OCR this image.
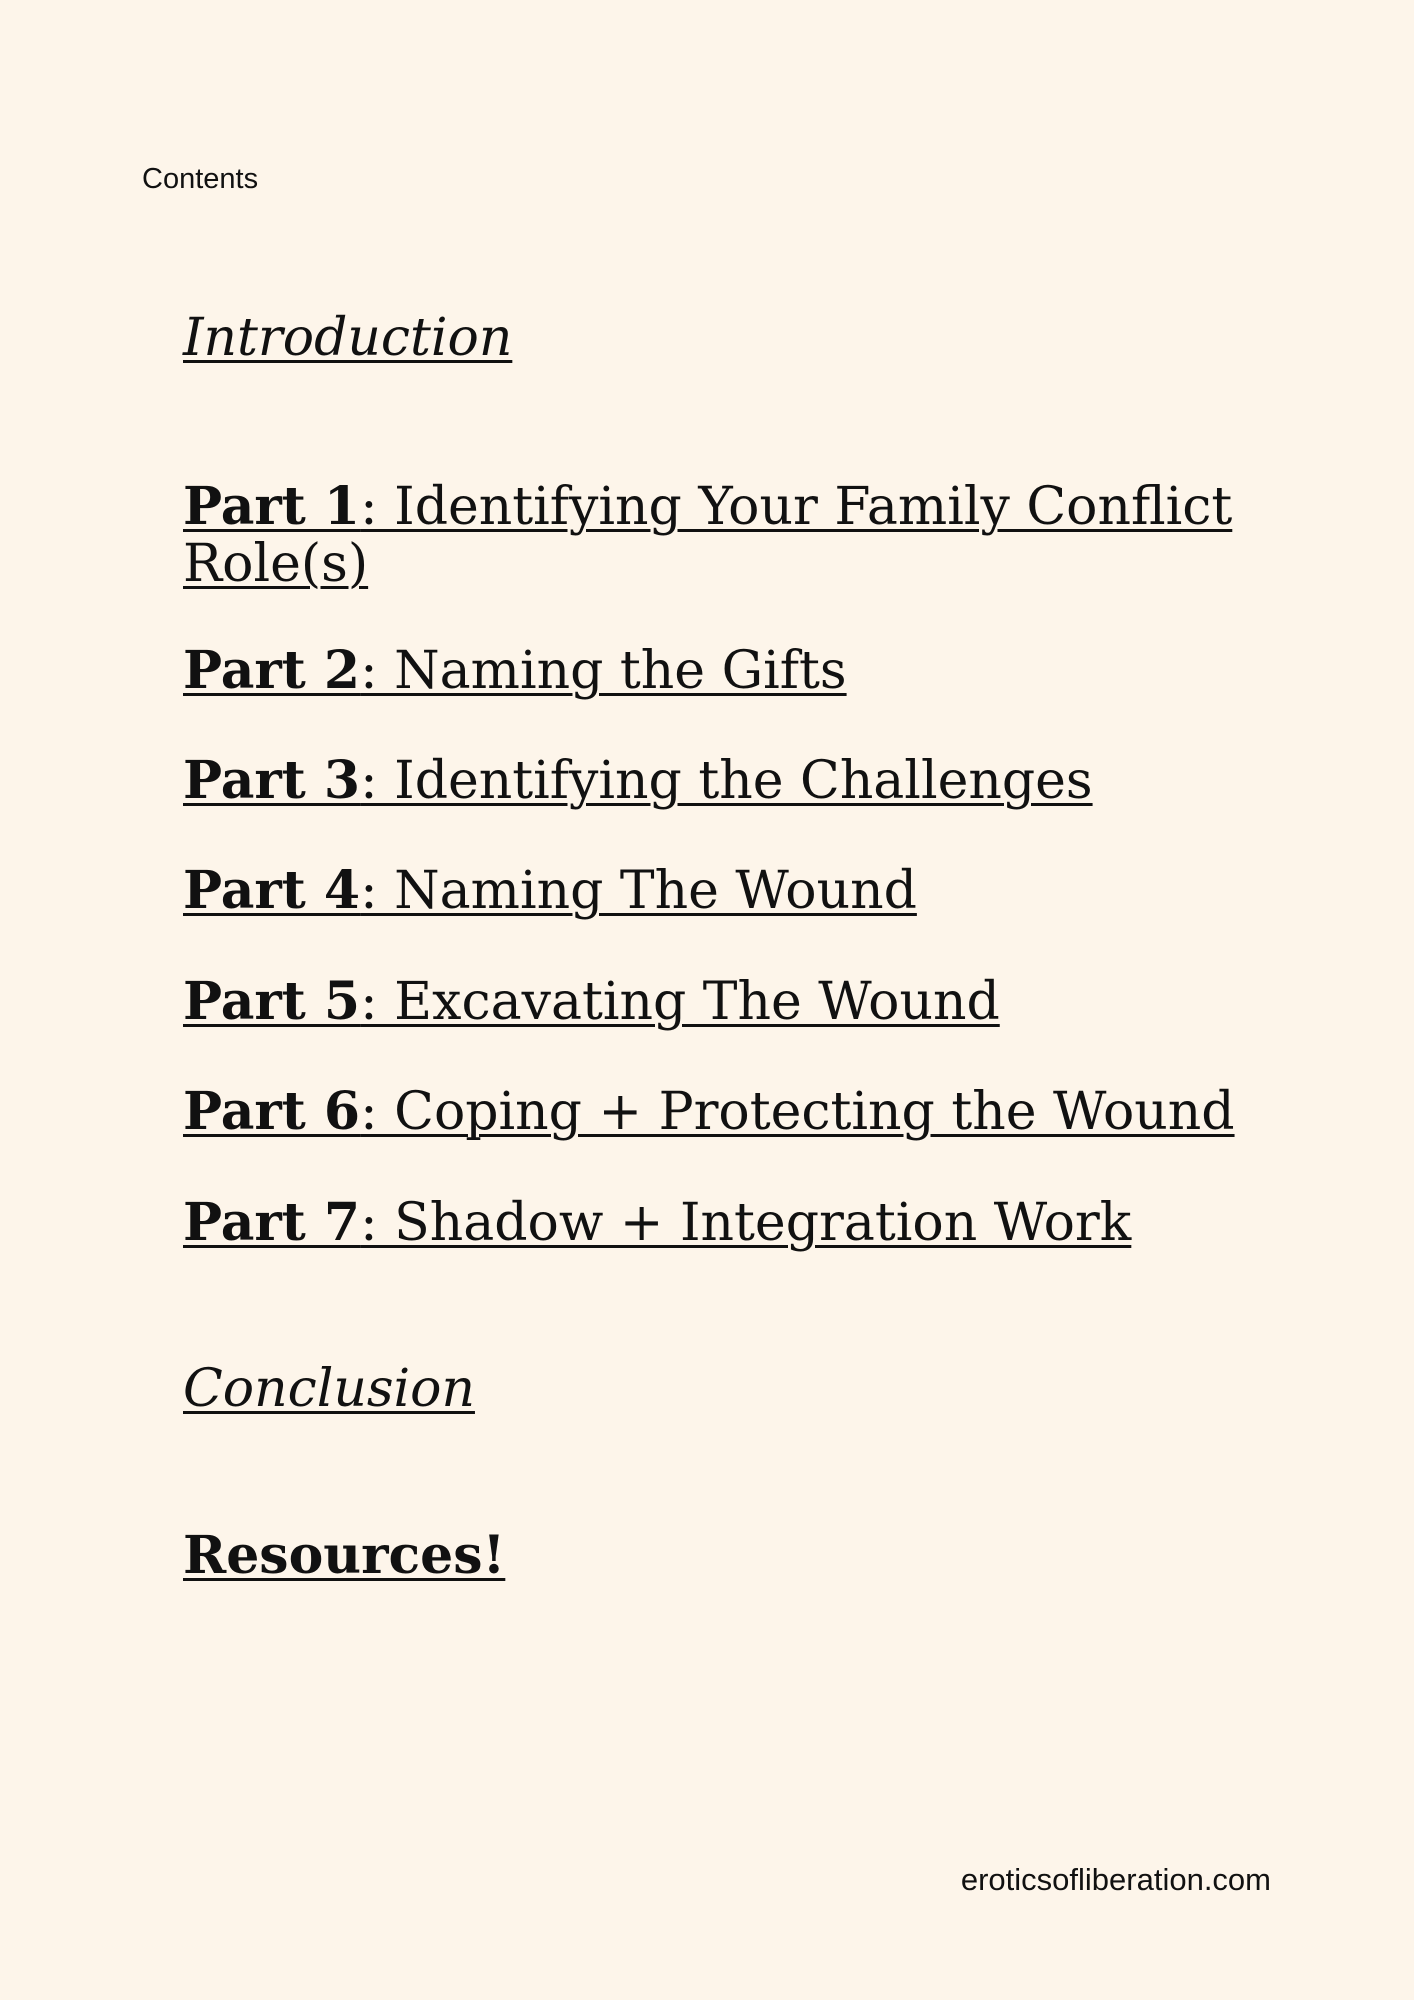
Contents
Introduction
Part 1: Identifying Your Family Conflict Role(s)
Part 2: Naming the Gifts
Part 3: Identifying the Challenges
Part 4: Naming The Wound
Part 5: Excavating The Wound
Part 6: Coping + Protecting the Wound
Part 7: Shadow + Integration Work
Conclusion
Resources!
eroticsofliberation.com
